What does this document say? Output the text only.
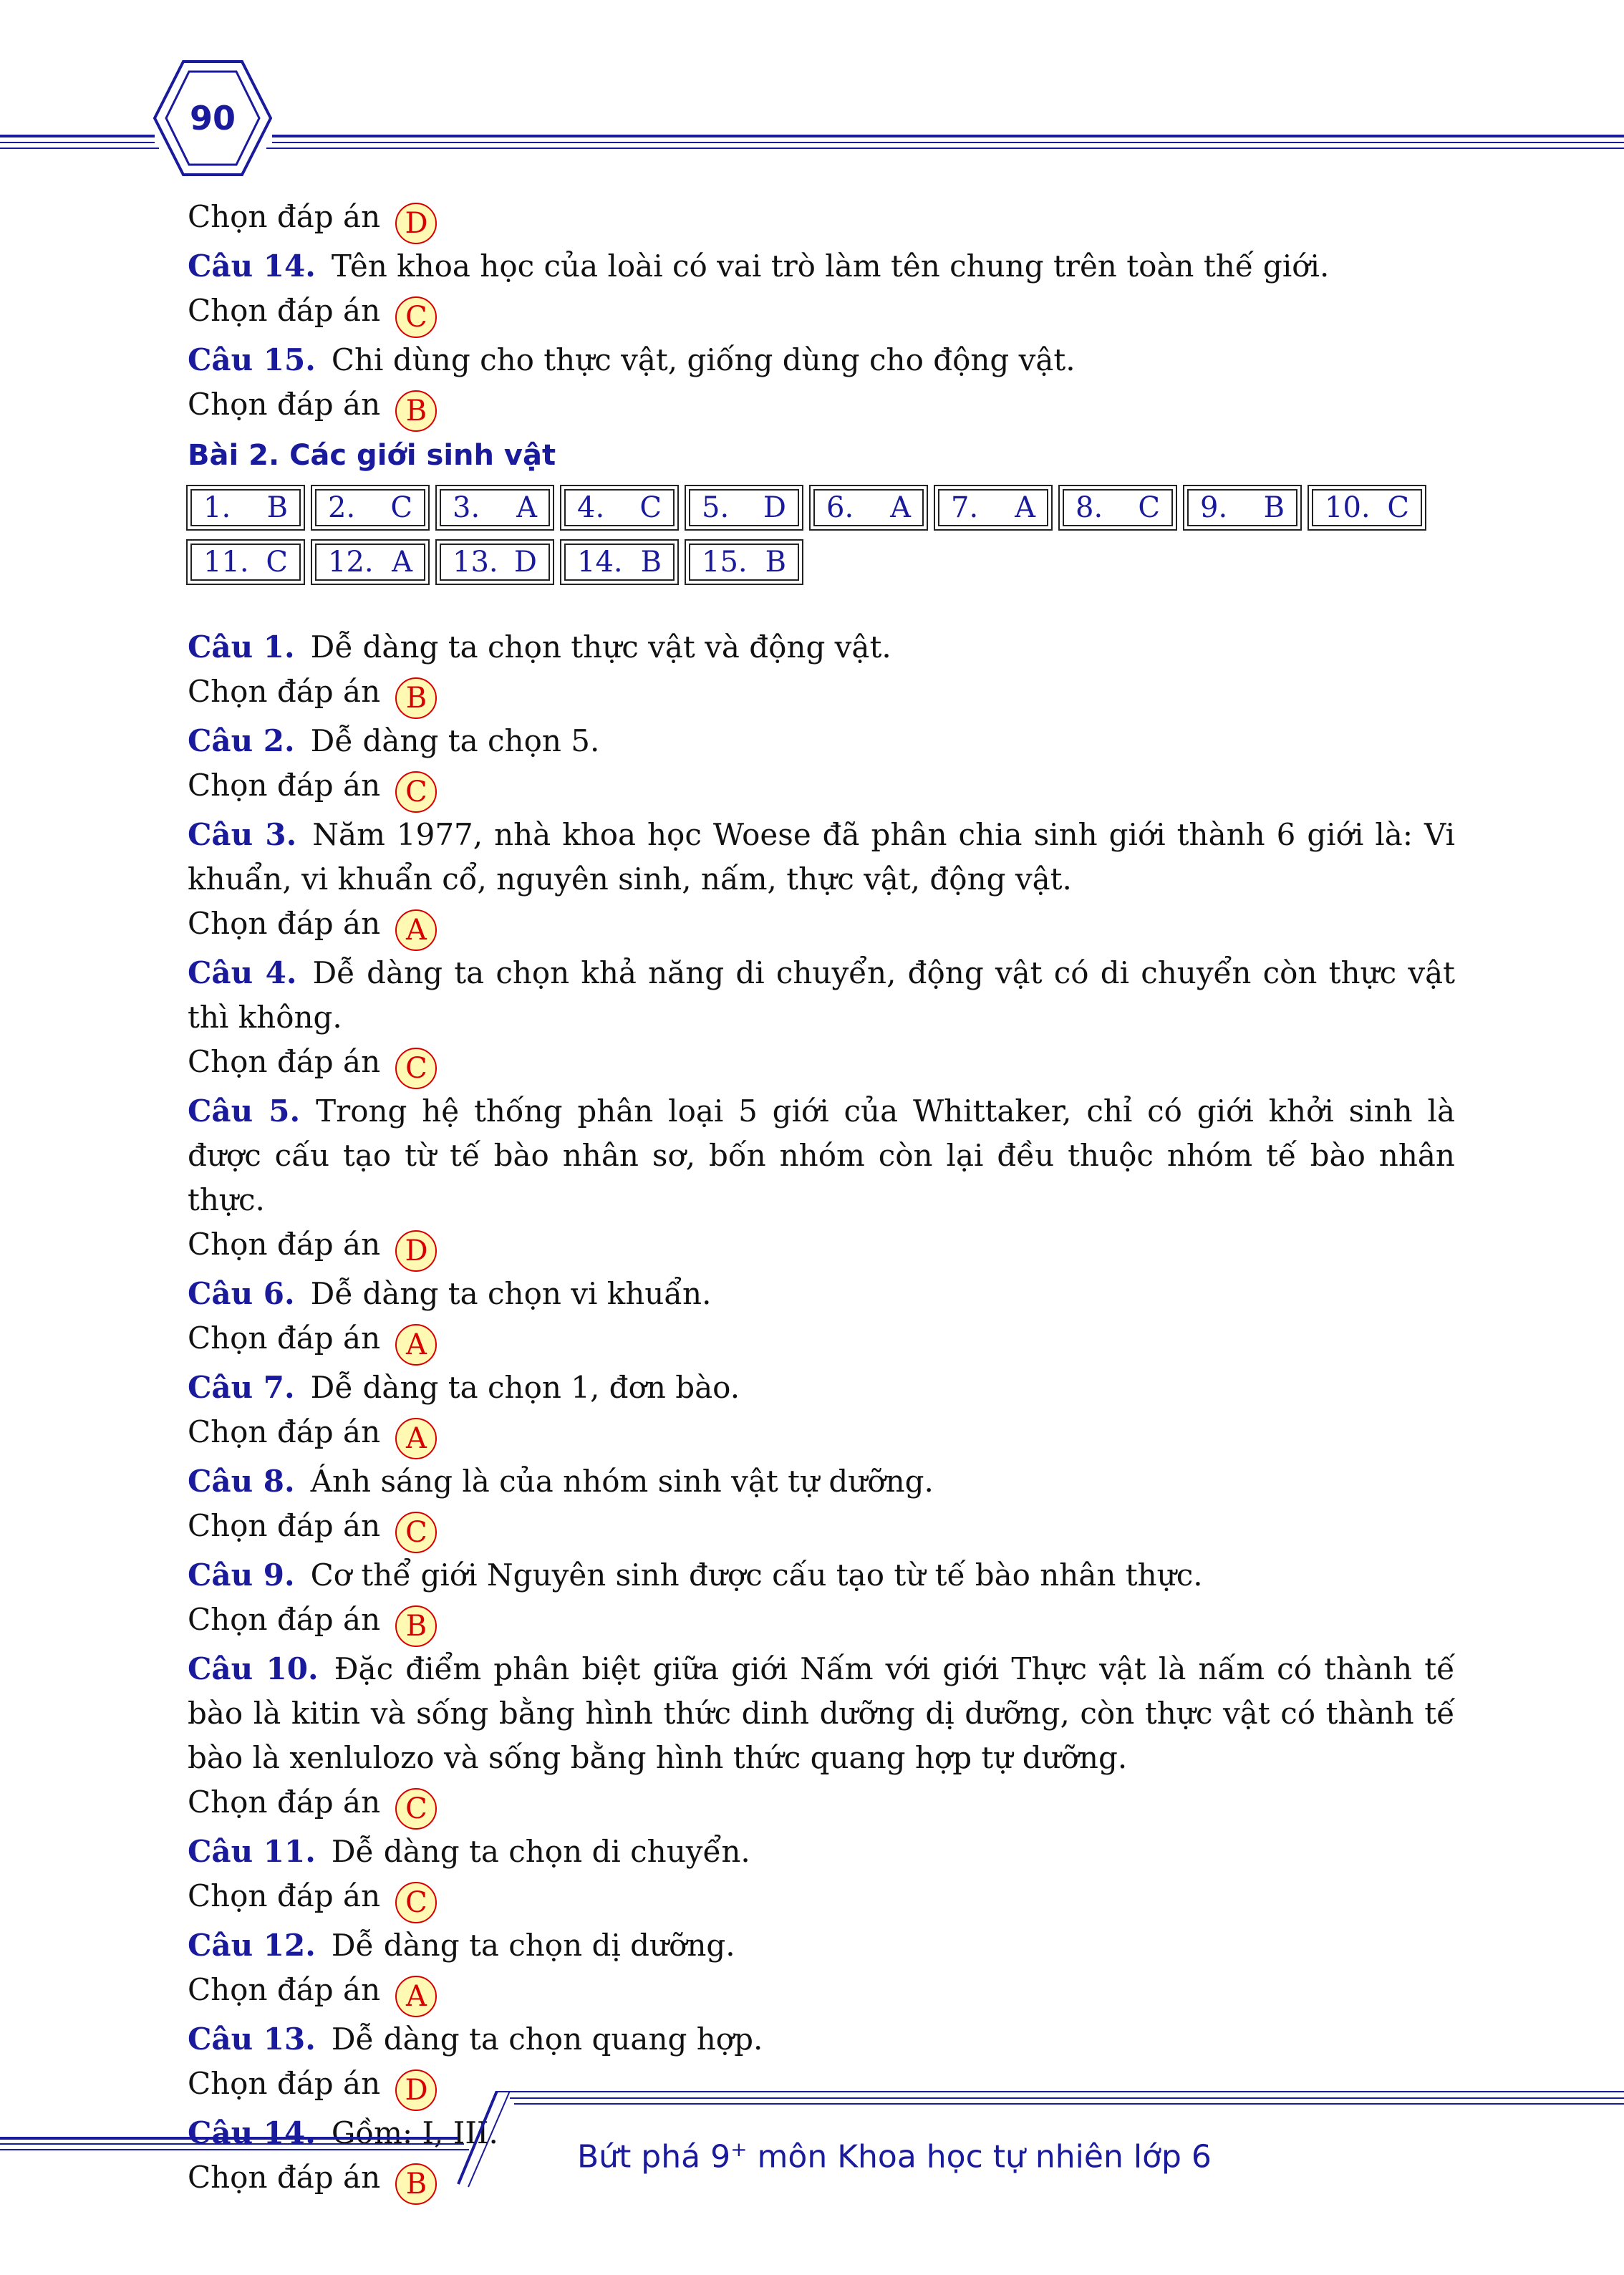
90
Chọn đáp án D
Câu 14. Tên khoa học của loài có vai trò làm tên chung trên toàn thế giới.
Chọn đáp án C
Câu 15. Chi dùng cho thực vật, giống dùng cho động vật.
Chọn đáp án B
Bài 2. Các giới sinh vật
1. B 2. C 3. A 4. C 5. D 6. A 7. A 8. C 9. B 10. C
11. C 12. A 13. D 14. B 15. B
Câu 1. Dễ dàng ta chọn thực vật và động vật.
Chọn đáp án B
Câu 2. Dễ dàng ta chọn 5.
Chọn đáp án C
Câu 3. Năm 1977, nhà khoa học Woese đã phân chia sinh giới thành 6 giới là: Vi khuẩn, vi khuẩn cổ, nguyên sinh, nấm, thực vật, động vật.
Chọn đáp án A
Câu 4. Dễ dàng ta chọn khả năng di chuyển, động vật có di chuyển còn thực vật thì không.
Chọn đáp án C
Câu 5. Trong hệ thống phân loại 5 giới của Whittaker, chỉ có giới khởi sinh là được cấu tạo từ tế bào nhân sơ, bốn nhóm còn lại đều thuộc nhóm tế bào nhân thực.
Chọn đáp án D
Câu 6. Dễ dàng ta chọn vi khuẩn.
Chọn đáp án A
Câu 7. Dễ dàng ta chọn 1, đơn bào.
Chọn đáp án A
Câu 8. Ánh sáng là của nhóm sinh vật tự dưỡng.
Chọn đáp án C
Câu 9. Cơ thể giới Nguyên sinh được cấu tạo từ tế bào nhân thực.
Chọn đáp án B
Câu 10. Đặc điểm phân biệt giữa giới Nấm với giới Thực vật là nấm có thành tế bào là kitin và sống bằng hình thức dinh dưỡng dị dưỡng, còn thực vật có thành tế bào là xenlulozo và sống bằng hình thức quang hợp tự dưỡng.
Chọn đáp án C
Câu 11. Dễ dàng ta chọn di chuyển.
Chọn đáp án C
Câu 12. Dễ dàng ta chọn dị dưỡng.
Chọn đáp án A
Câu 13. Dễ dàng ta chọn quang hợp.
Chọn đáp án D
Câu 14. Gồm: I, III.
Chọn đáp án B
Bứt phá 9+ môn Khoa học tự nhiên lớp 6
